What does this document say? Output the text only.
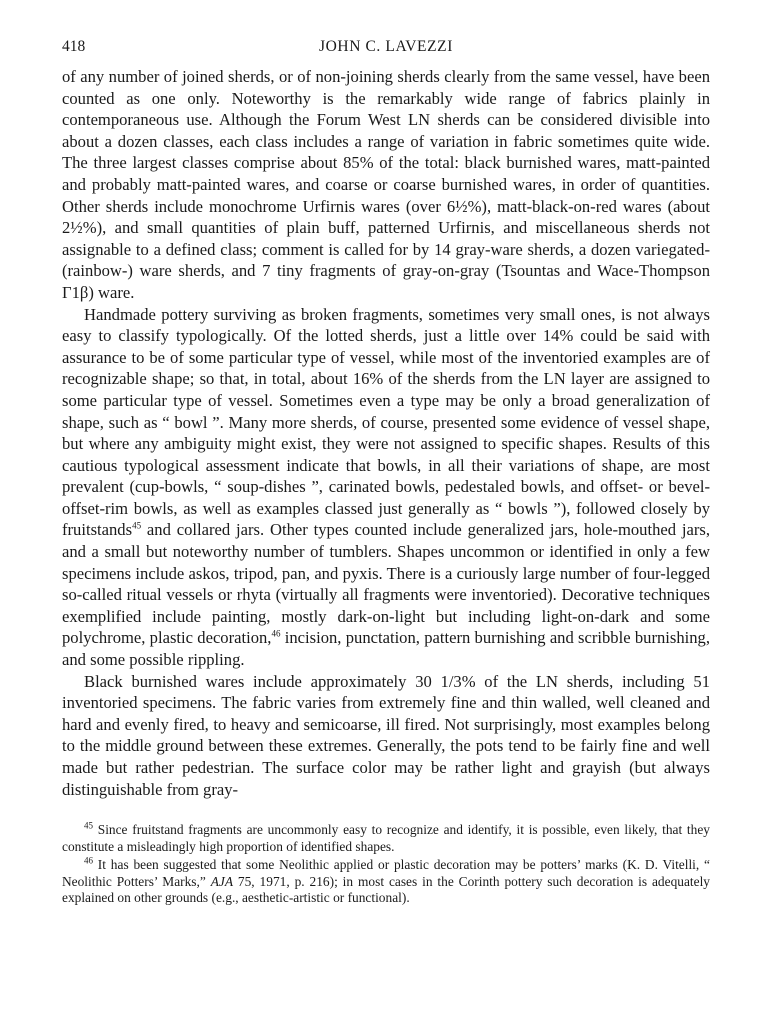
418	JOHN C. LAVEZZI

of any number of joined sherds, or of non-joining sherds clearly from the same vessel, have been counted as one only. Noteworthy is the remarkably wide range of fabrics plainly in contemporaneous use. Although the Forum West LN sherds can be considered divisible into about a dozen classes, each class includes a range of variation in fabric sometimes quite wide. The three largest classes comprise about 85% of the total: black burnished wares, matt-painted and probably matt-painted wares, and coarse or coarse burnished wares, in order of quantities. Other sherds include monochrome Urfirnis wares (over 6½%), matt-black-on-red wares (about 2½%), and small quantities of plain buff, patterned Urfirnis, and miscellaneous sherds not assignable to a defined class; comment is called for by 14 gray-ware sherds, a dozen variegated- (rainbow-) ware sherds, and 7 tiny fragments of gray-on-gray (Tsountas and Wace-Thompson Γ1β) ware.

Handmade pottery surviving as broken fragments, sometimes very small ones, is not always easy to classify typologically. Of the lotted sherds, just a little over 14% could be said with assurance to be of some particular type of vessel, while most of the inventoried examples are of recognizable shape; so that, in total, about 16% of the sherds from the LN layer are assigned to some particular type of vessel. Sometimes even a type may be only a broad generalization of shape, such as “ bowl ”. Many more sherds, of course, presented some evidence of vessel shape, but where any ambiguity might exist, they were not assigned to specific shapes. Results of this cautious typological assessment indicate that bowls, in all their variations of shape, are most prevalent (cup-bowls, “ soup-dishes ”, carinated bowls, pedestaled bowls, and offset- or bevel-offset-rim bowls, as well as examples classed just generally as “ bowls ”), followed closely by fruitstands$^{45}$ and collared jars. Other types counted include generalized jars, hole-mouthed jars, and a small but noteworthy number of tumblers. Shapes uncommon or identified in only a few specimens include askos, tripod, pan, and pyxis. There is a curiously large number of four-legged so-called ritual vessels or rhyta (virtually all fragments were inventoried). Decorative techniques exemplified include painting, mostly dark-on-light but including light-on-dark and some polychrome, plastic decoration,$^{46}$ incision, punctation, pattern burnishing and scribble burnishing, and some possible rippling.

Black burnished wares include approximately 30 1/3% of the LN sherds, including 51 inventoried specimens. The fabric varies from extremely fine and thin walled, well cleaned and hard and evenly fired, to heavy and semicoarse, ill fired. Not surprisingly, most examples belong to the middle ground between these extremes. Generally, the pots tend to be fairly fine and well made but rather pedestrian. The surface color may be rather light and grayish (but always distinguishable from gray-

$^{45}$ Since fruitstand fragments are uncommonly easy to recognize and identify, it is possible, even likely, that they constitute a misleadingly high proportion of identified shapes.

$^{46}$ It has been suggested that some Neolithic applied or plastic decoration may be potters’ marks (K. D. Vitelli, “ Neolithic Potters’ Marks,” AJA 75, 1971, p. 216); in most cases in the Corinth pottery such decoration is adequately explained on other grounds (e.g., aesthetic-artistic or functional).
